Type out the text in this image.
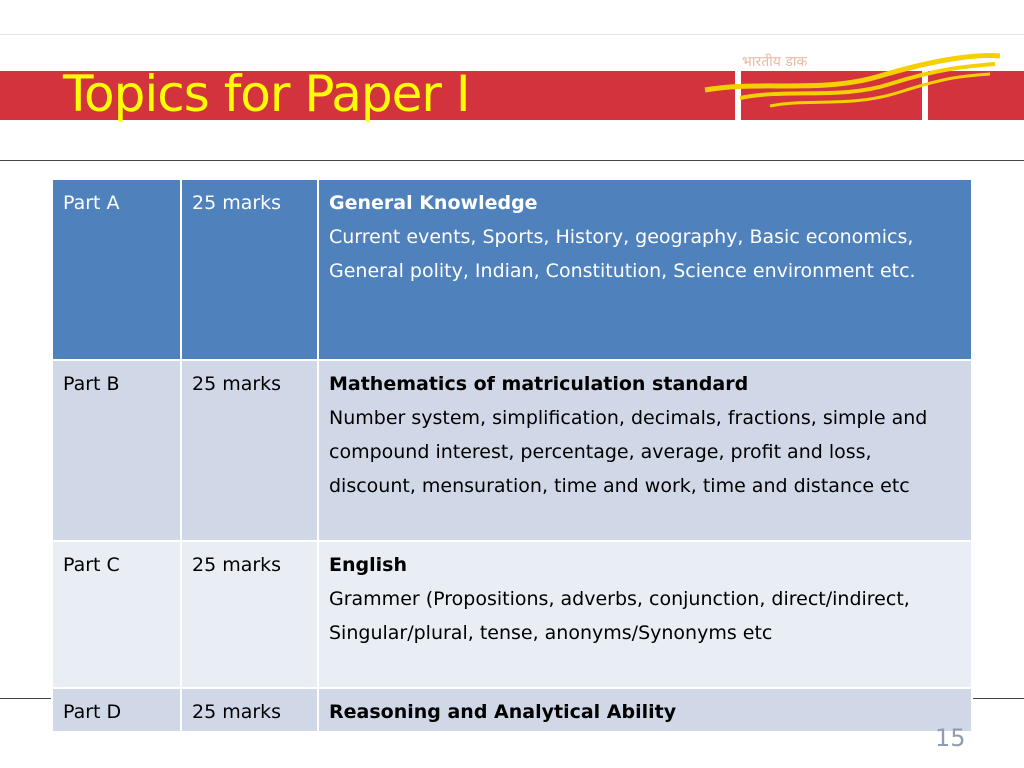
Topics for Paper I
भारतीय डाक
Part A	25 marks	General Knowledge
Current events, Sports, History, geography, Basic economics, General polity, Indian, Constitution, Science environment etc.

Part B	25 marks	Mathematics of matriculation standard
Number system, simplification, decimals, fractions, simple and compound interest, percentage, average, profit and loss, discount, mensuration, time and work, time and distance etc

Part C	25 marks	English
Grammer (Propositions, adverbs, conjunction, direct/indirect, Singular/plural, tense, anonyms/Synonyms etc

Part D	25 marks	Reasoning and Analytical Ability
15
